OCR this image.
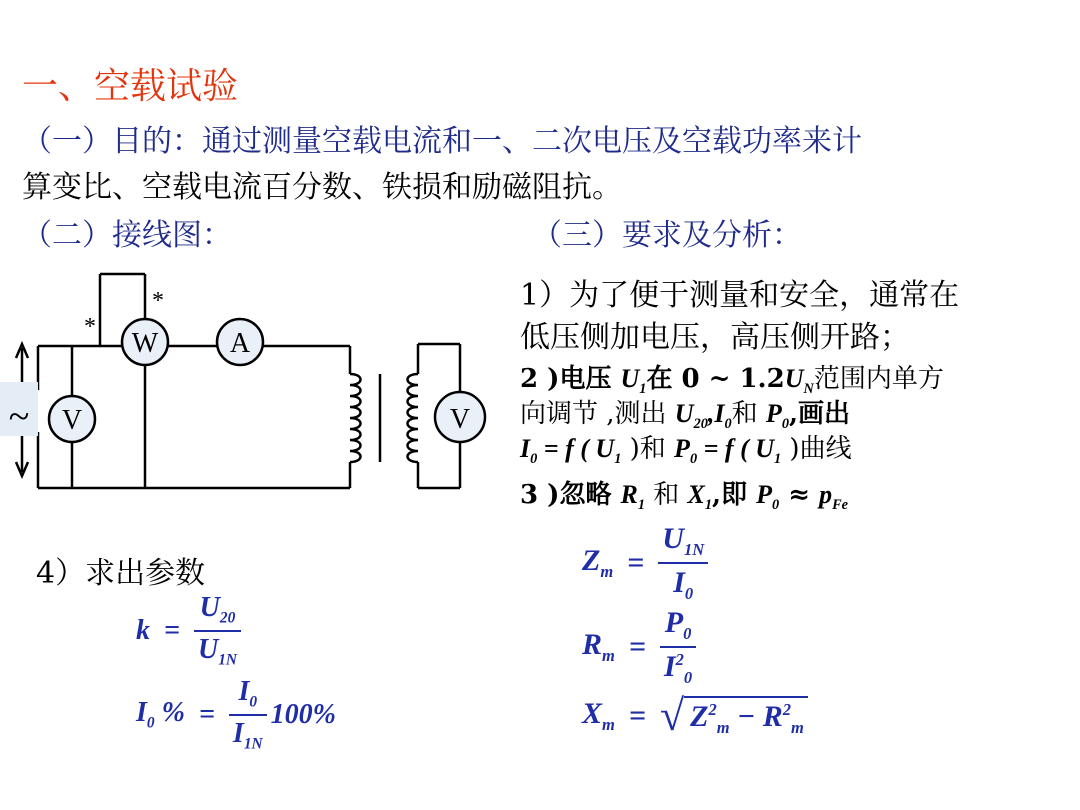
一、空载试验
（一）目的：通过测量空载电流和一、二次电压及空载功率来计
算变比、空载电流百分数、铁损和励磁阻抗。
（二）接线图：	（三）要求及分析：
W	A
V	V
~
*
*	1）为了便于测量和安全，通常在
低压侧加电压，高压侧开路；
2 )电压 $U_1$在 0 ~ $1.2U_N$范围内单方
向调节 ,测出 $U_{20},I_0$和 $P_0$,画出
$I_0 = f$ ( $U_1$ )和 $P_0 = f$ ( $U_1$ )曲线
3 )忽略 $R_1$ 和 $X_1$,即 $P_0 \approx p_{Fe}$
4）求出参数
$k = \frac{U_{20}}{U_{1N}}$
$I_0$ % = $\frac{I_0}{I_{1N}} 100\%$
$Z_m = \frac{U_{1N}}{I_0}$
$R_m = \frac{P_0}{I^2_0}$
$X_m$ = √ $Z^2_m - R^2_m$
